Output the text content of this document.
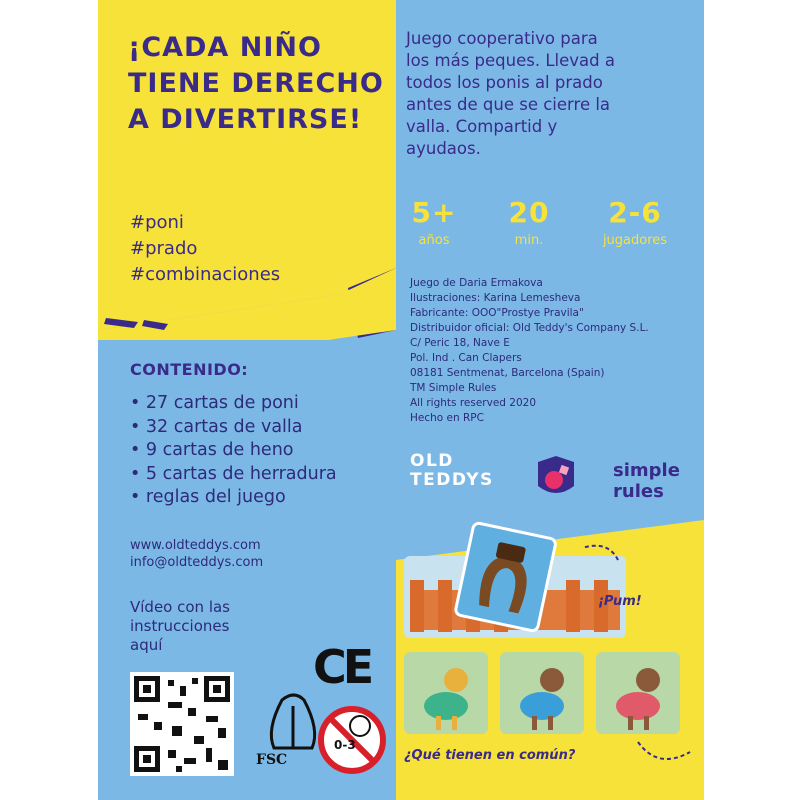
¡CADA NIÑO
TIENE DERECHO
A DIVERTIRSE!
#poni
#prado
#combinaciones
CONTENIDO:
• 27 cartas de poni
• 32 cartas de valla
• 9 cartas de heno
• 5 cartas de herradura
• reglas del juego
www.oldteddys.com
info@oldteddys.com
Vídeo con las
instrucciones
aquí
Juego cooperativo para
los más peques. Llevad a
todos los ponis al prado
antes de que se cierre la
valla. Compartid y
ayudaos.
5+
años
20
min.
2-6
jugadores
Juego de Daria Ermakova
Ilustraciones: Karina Lemesheva
Fabricante: OOO"Prostye Pravila"
Distribuidor oficial: Old Teddy's Company S.L.
C/ Peric 18, Nave E
Pol. Ind . Can Clapers
08181 Sentmenat, Barcelona (Spain)
TM Simple Rules
All rights reserved 2020
Hecho en RPC
OLD
TEDDYS	simple
rules
¡Pum!
¿Qué tienen en común?
CE
FSC
0-3
